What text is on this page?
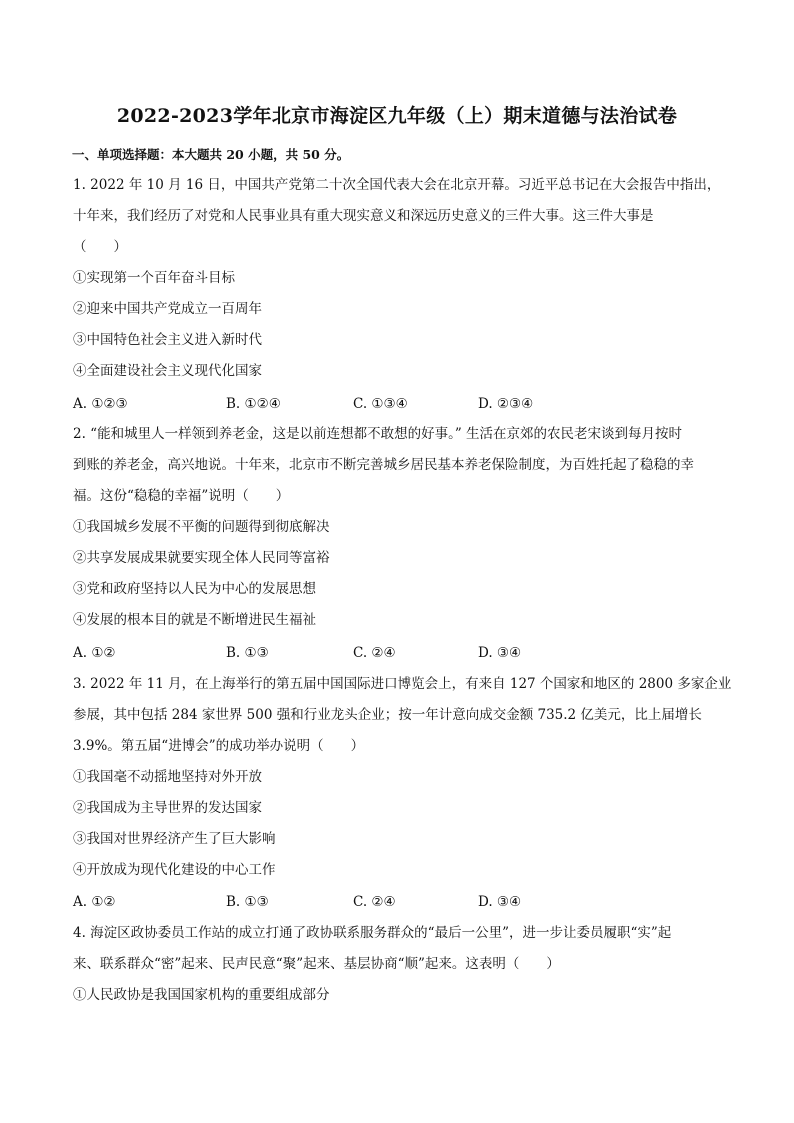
2022-2023学年北京市海淀区九年级（上）期末道德与法治试卷
一、单项选择题：本大题共 20 小题，共 50 分。
1. 2022 年 10 月 16 日，中国共产党第二十次全国代表大会在北京开幕。习近平总书记在大会报告中指出，
十年来，我们经历了对党和人民事业具有重大现实意义和深远历史意义的三件大事。这三件大事是
（　　）
①实现第一个百年奋斗目标
②迎来中国共产党成立一百周年
③中国特色社会主义进入新时代
④全面建设社会主义现代化国家
A. ①②③	B. ①②④	C. ①③④	D. ②③④
2. “能和城里人一样领到养老金，这是以前连想都不敢想的好事。” 生活在京郊的农民老宋谈到每月按时
到账的养老金，高兴地说。十年来，北京市不断完善城乡居民基本养老保险制度，为百姓托起了稳稳的幸
福。这份“稳稳的幸福”说明（　　）
①我国城乡发展不平衡的问题得到彻底解决
②共享发展成果就要实现全体人民同等富裕
③党和政府坚持以人民为中心的发展思想
④发展的根本目的就是不断增进民生福祉
A. ①②	B. ①③	C. ②④	D. ③④
3. 2022 年 11 月，在上海举行的第五届中国国际进口博览会上，有来自 127 个国家和地区的 2800 多家企业
参展，其中包括 284 家世界 500 强和行业龙头企业；按一年计意向成交金额 735.2 亿美元，比上届增长
3.9%。第五届“进博会”的成功举办说明（　　）
①我国毫不动摇地坚持对外开放
②我国成为主导世界的发达国家
③我国对世界经济产生了巨大影响
④开放成为现代化建设的中心工作
A. ①②	B. ①③	C. ②④	D. ③④
4. 海淀区政协委员工作站的成立打通了政协联系服务群众的“最后一公里”，进一步让委员履职“实”起
来、联系群众“密”起来、民声民意“聚”起来、基层协商“顺”起来。这表明（　　）
①人民政协是我国国家机构的重要组成部分
